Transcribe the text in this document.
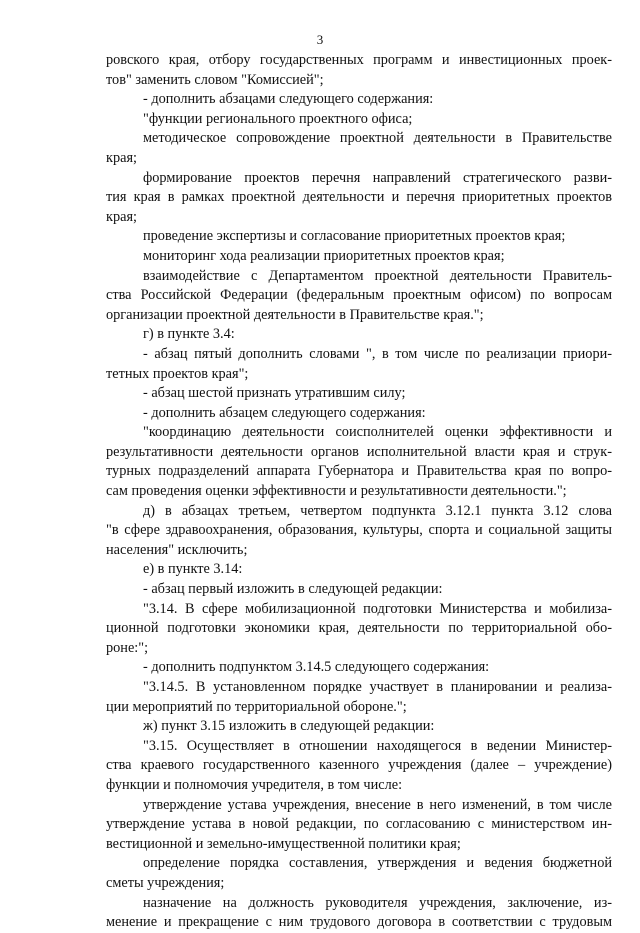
3
ровского края, отбору государственных программ и инвестиционных проек-
тов" заменить словом "Комиссией";
- дополнить абзацами следующего содержания:
"функции регионального проектного офиса;
методическое сопровождение проектной деятельности в Правительстве
края;
формирование проектов перечня направлений стратегического разви-
тия края в рамках проектной деятельности и перечня приоритетных проектов
края;
проведение экспертизы и согласование приоритетных проектов края;
мониторинг хода реализации приоритетных проектов края;
взаимодействие с Департаментом проектной деятельности Правитель-
ства Российской Федерации (федеральным проектным офисом) по вопросам
организации проектной деятельности в Правительстве края.";
г) в пункте 3.4:
- абзац пятый дополнить словами ", в том числе по реализации приори-
тетных проектов края";
- абзац шестой признать утратившим силу;
- дополнить абзацем следующего содержания:
"координацию деятельности соисполнителей оценки эффективности и
результативности деятельности органов исполнительной власти края и струк-
турных подразделений аппарата Губернатора и Правительства края по вопро-
сам проведения оценки эффективности и результативности деятельности.";
д) в абзацах третьем, четвертом подпункта 3.12.1 пункта 3.12 слова
"в сфере здравоохранения, образования, культуры, спорта и социальной защиты
населения" исключить;
е) в пункте 3.14:
- абзац первый изложить в следующей редакции:
"3.14. В сфере мобилизационной подготовки Министерства и мобилиза-
ционной подготовки экономики края, деятельности по территориальной обо-
роне:";
- дополнить подпунктом 3.14.5 следующего содержания:
"3.14.5. В установленном порядке участвует в планировании и реализа-
ции мероприятий по территориальной обороне.";
ж) пункт 3.15 изложить в следующей редакции:
"3.15. Осуществляет в отношении находящегося в ведении Министер-
ства краевого государственного казенного учреждения (далее – учреждение)
функции и полномочия учредителя, в том числе:
утверждение устава учреждения, внесение в него изменений, в том числе
утверждение устава в новой редакции, по согласованию с министерством ин-
вестиционной и земельно-имущественной политики края;
определение порядка составления, утверждения и ведения бюджетной
сметы учреждения;
назначение на должность руководителя учреждения, заключение, из-
менение и прекращение с ним трудового договора в соответствии с трудовым
